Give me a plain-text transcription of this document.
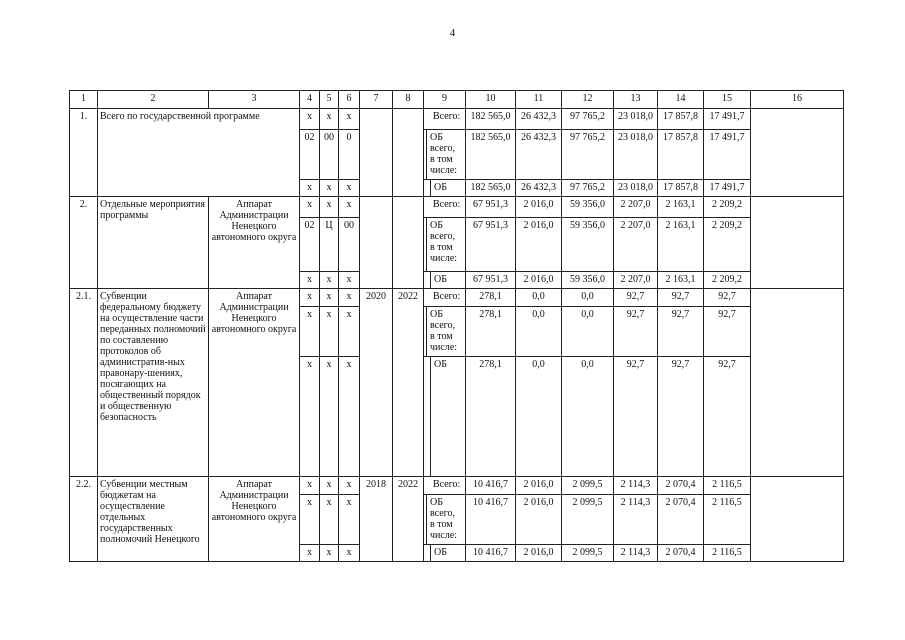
4
1	2	3	4	5	6	7	8	9	10	11	12	13	14	15	16
1.	Всего по государственной программе		х	х	х			Всего:	182 565,0	26 432,3	97 765,2	23 018,0	17 857,8	17 491,7	
			02	00	0			ОБ всего, в том числе:	182 565,0	26 432,3	97 765,2	23 018,0	17 857,8	17 491,7	
			х	х	х			ОБ	182 565,0	26 432,3	97 765,2	23 018,0	17 857,8	17 491,7	
2.	Отдельные мероприятия программы	Аппарат Администрации Ненецкого автономного округа	х	х	х			Всего:	67 951,3	2 016,0	59 356,0	2 207,0	2 163,1	2 209,2	
			02	Ц	00			ОБ всего, в том числе:	67 951,3	2 016,0	59 356,0	2 207,0	2 163,1	2 209,2	
			х	х	х			ОБ	67 951,3	2 016,0	59 356,0	2 207,0	2 163,1	2 209,2	
2.1.	Субвенции федеральному бюджету на осуществление части переданных полномочий по составлению протоколов об административ-ных правонару-шениях, посягающих на общественный порядок и общественную безопасность	Аппарат Администрации Ненецкого автономного округа	х	х	х	2020	2022	Всего:	278,1	0,0	0,0	92,7	92,7	92,7	
			х	х	х			ОБ всего, в том числе:	278,1	0,0	0,0	92,7	92,7	92,7	
			х	х	х			ОБ	278,1	0,0	0,0	92,7	92,7	92,7	
2.2.	Субвенции местным бюджетам на осуществление отдельных государственных полномочий Ненецкого	Аппарат Администрации Ненецкого автономного округа	х	х	х	2018	2022	Всего:	10 416,7	2 016,0	2 099,5	2 114,3	2 070,4	2 116,5	
			х	х	х			ОБ всего, в том числе:	10 416,7	2 016,0	2 099,5	2 114,3	2 070,4	2 116,5	
			х	х	х			ОБ	10 416,7	2 016,0	2 099,5	2 114,3	2 070,4	2 116,5	
